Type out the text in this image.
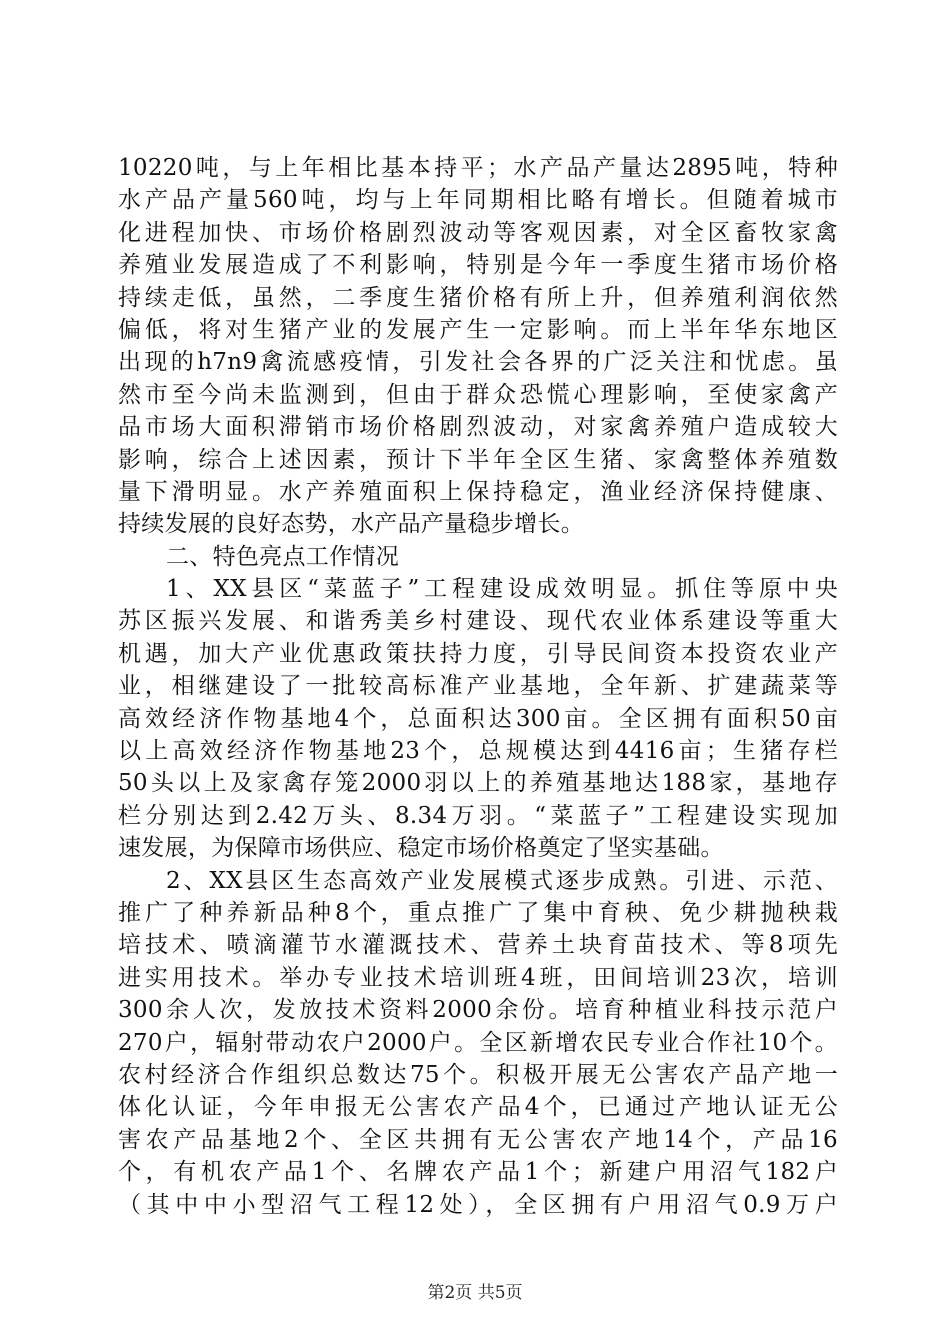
10220吨，与上年相比基本持平；水产品产量达2895吨，特种
水产品产量560吨，均与上年同期相比略有增长。但随着城市
化进程加快、市场价格剧烈波动等客观因素，对全区畜牧家禽
养殖业发展造成了不利影响，特别是今年一季度生猪市场价格
持续走低，虽然，二季度生猪价格有所上升，但养殖利润依然
偏低，将对生猪产业的发展产生一定影响。而上半年华东地区
出现的h7n9禽流感疫情，引发社会各界的广泛关注和忧虑。虽
然市至今尚未监测到，但由于群众恐慌心理影响，至使家禽产
品市场大面积滞销市场价格剧烈波动，对家禽养殖户造成较大
影响，综合上述因素，预计下半年全区生猪、家禽整体养殖数
量下滑明显。水产养殖面积上保持稳定，渔业经济保持健康、
持续发展的良好态势，水产品产量稳步增长。
二、特色亮点工作情况
1、XX县区“菜蓝子”工程建设成效明显。抓住等原中央
苏区振兴发展、和谐秀美乡村建设、现代农业体系建设等重大
机遇，加大产业优惠政策扶持力度，引导民间资本投资农业产
业，相继建设了一批较高标准产业基地，全年新、扩建蔬菜等
高效经济作物基地4个，总面积达300亩。全区拥有面积50亩
以上高效经济作物基地23个，总规模达到4416亩；生猪存栏
50头以上及家禽存笼2000羽以上的养殖基地达188家，基地存
栏分别达到2.42万头、8.34万羽。“菜蓝子”工程建设实现加
速发展，为保障市场供应、稳定市场价格奠定了坚实基础。
2、XX县区生态高效产业发展模式逐步成熟。引进、示范、
推广了种养新品种8个，重点推广了集中育秧、免少耕抛秧栽
培技术、喷滴灌节水灌溉技术、营养土块育苗技术、等8项先
进实用技术。举办专业技术培训班4班，田间培训23次，培训
300余人次，发放技术资料2000余份。培育种植业科技示范户
270户，辐射带动农户2000户。全区新增农民专业合作社10个。
农村经济合作组织总数达75个。积极开展无公害农产品产地一
体化认证，今年申报无公害农产品4个，已通过产地认证无公
害农产品基地2个、全区共拥有无公害农产地14个，产品16
个，有机农产品1个、名牌农产品1个；新建户用沼气182户
（其中中小型沼气工程12处），全区拥有户用沼气0.9万户
第2页 共5页
